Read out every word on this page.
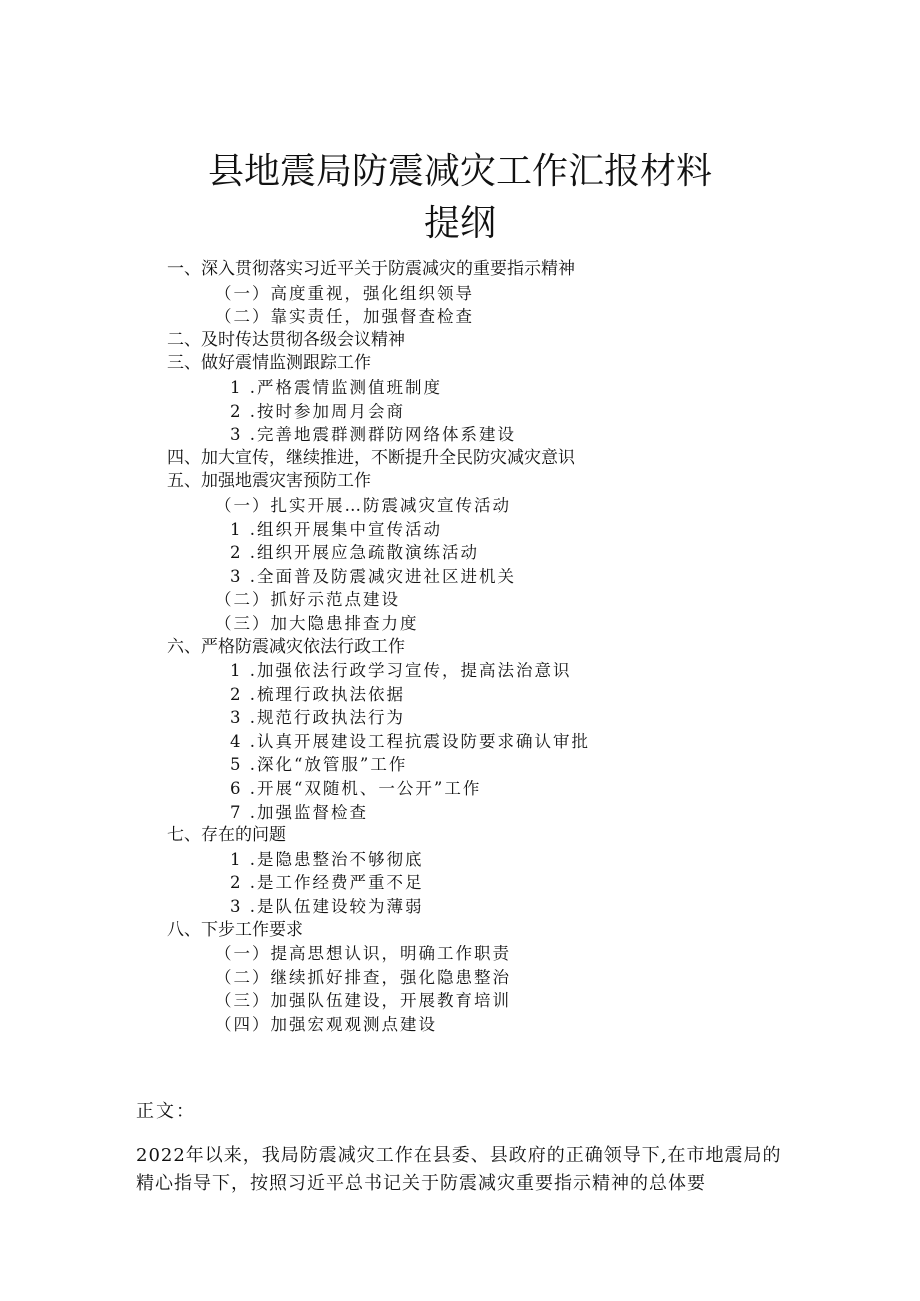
县地震局防震减灾工作汇报材料
提纲
一、深入贯彻落实习近平关于防震减灾的重要指示精神
（一）高度重视，强化组织领导
（二）靠实责任，加强督查检查
二、及时传达贯彻各级会议精神
三、做好震情监测跟踪工作
1 .严格震情监测值班制度
2 .按时参加周月会商
3 .完善地震群测群防网络体系建设
四、加大宣传，继续推进，不断提升全民防灾减灾意识
五、加强地震灾害预防工作
（一）扎实开展…防震减灾宣传活动
1 .组织开展集中宣传活动
2 .组织开展应急疏散演练活动
3 .全面普及防震减灾进社区进机关
（二）抓好示范点建设
（三）加大隐患排查力度
六、严格防震减灾依法行政工作
1 .加强依法行政学习宣传，提高法治意识
2 .梳理行政执法依据
3 .规范行政执法行为
4 .认真开展建设工程抗震设防要求确认审批
5 .深化“放管服”工作
6 .开展“双随机、一公开”工作
7 .加强监督检查
七、存在的问题
1 .是隐患整治不够彻底
2 .是工作经费严重不足
3 .是队伍建设较为薄弱
八、下步工作要求
（一）提高思想认识，明确工作职责
（二）继续抓好排查，强化隐患整治
（三）加强队伍建设，开展教育培训
（四）加强宏观观测点建设
正文：
2022年以来，我局防震减灾工作在县委、县政府的正确领导下,在市地震局的精心指导下，按照习近平总书记关于防震减灾重要指示精神的总体要
